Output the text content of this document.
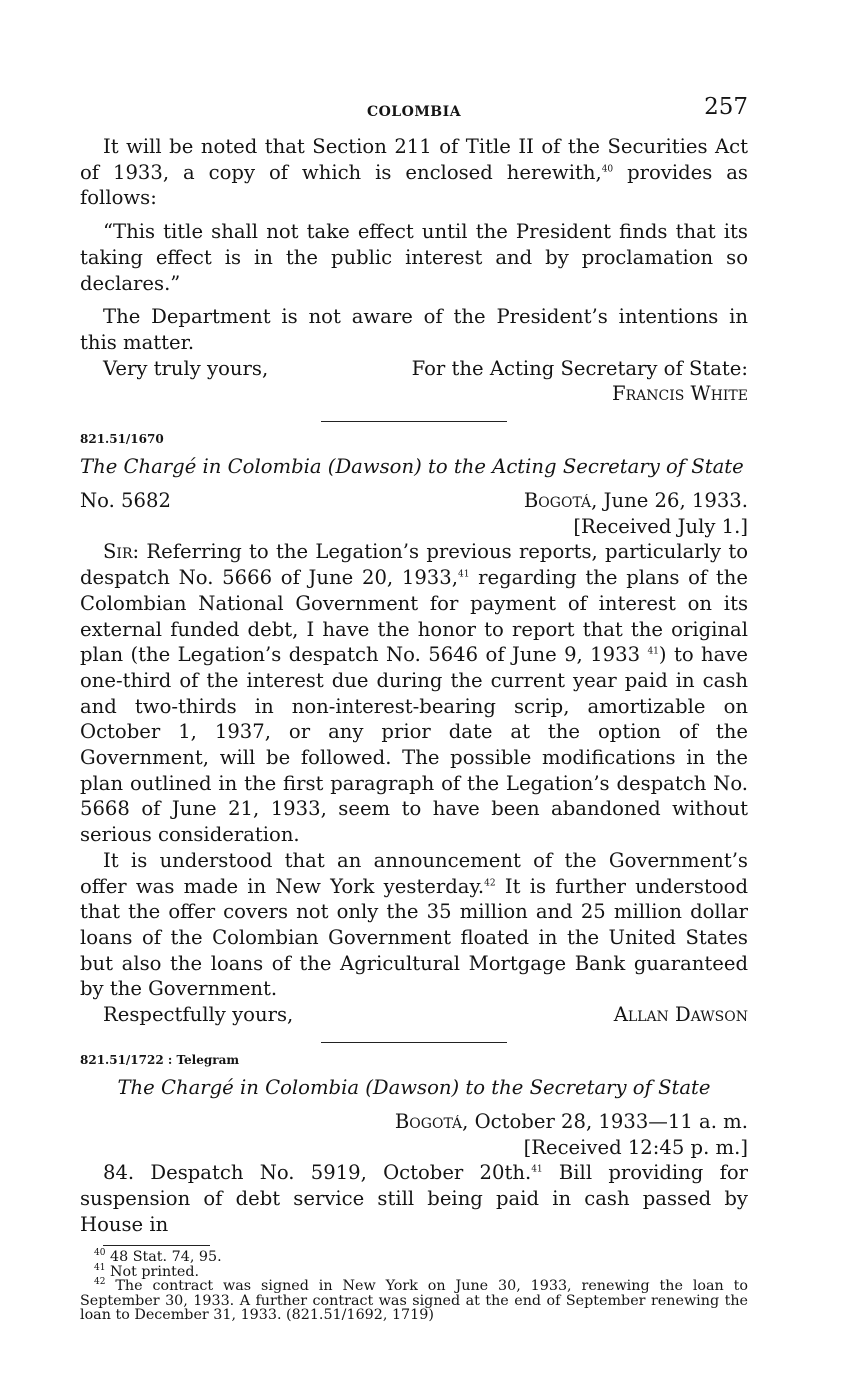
COLOMBIA	257

It will be noted that Section 211 of Title II of the Securities Act of 1933, a copy of which is enclosed herewith,$^{40}$ provides as follows:

“This title shall not take effect until the President finds that its taking effect is in the public interest and by proclamation so declares.”

The Department is not aware of the President’s intentions in this matter.

Very truly yours,	For the Acting Secretary of State:
Francis White
821.51/1670
The Chargé in Colombia (Dawson) to the Acting Secretary of State
No. 5682	Bogotá, June 26, 1933.
[Received July 1.]

Sir: Referring to the Legation’s previous reports, particularly to despatch No. 5666 of June 20, 1933,41 regarding the plans of the Colombian National Government for payment of interest on its external funded debt, I have the honor to report that the original plan (the Legation’s despatch No. 5646 of June 9, 1933 $^{41}$) to have one-third of the interest due during the current year paid in cash and two-thirds in non-interest-bearing scrip, amortizable on October 1, 1937, or any prior date at the option of the Government, will be followed. The possible modifications in the plan outlined in the first paragraph of the Legation’s despatch No. 5668 of June 21, 1933, seem to have been abandoned without serious consideration.

It is understood that an announcement of the Government’s offer was made in New York yesterday.$^{42}$ It is further understood that the offer covers not only the 35 million and 25 million dollar loans of the Colombian Government floated in the United States but also the loans of the Agricultural Mortgage Bank guaranteed by the Government.

Respectfully yours,	Allan Dawson
821.51/1722 : Telegram
The Chargé in Colombia (Dawson) to the Secretary of State
Bogotá, October 28, 1933—11 a. m.
[Received 12:45 p. m.]

84. Despatch No. 5919, October 20th.$^{41}$ Bill providing for suspension of debt service still being paid in cash passed by House in

$^{40}$ 48 Stat. 74, 95.

$^{41}$ Not printed.

$^{42}$ The contract was signed in New York on June 30, 1933, renewing the loan to September 30, 1933. A further contract was signed at the end of September renewing the loan to December 31, 1933. (821.51/1692, 1719)
